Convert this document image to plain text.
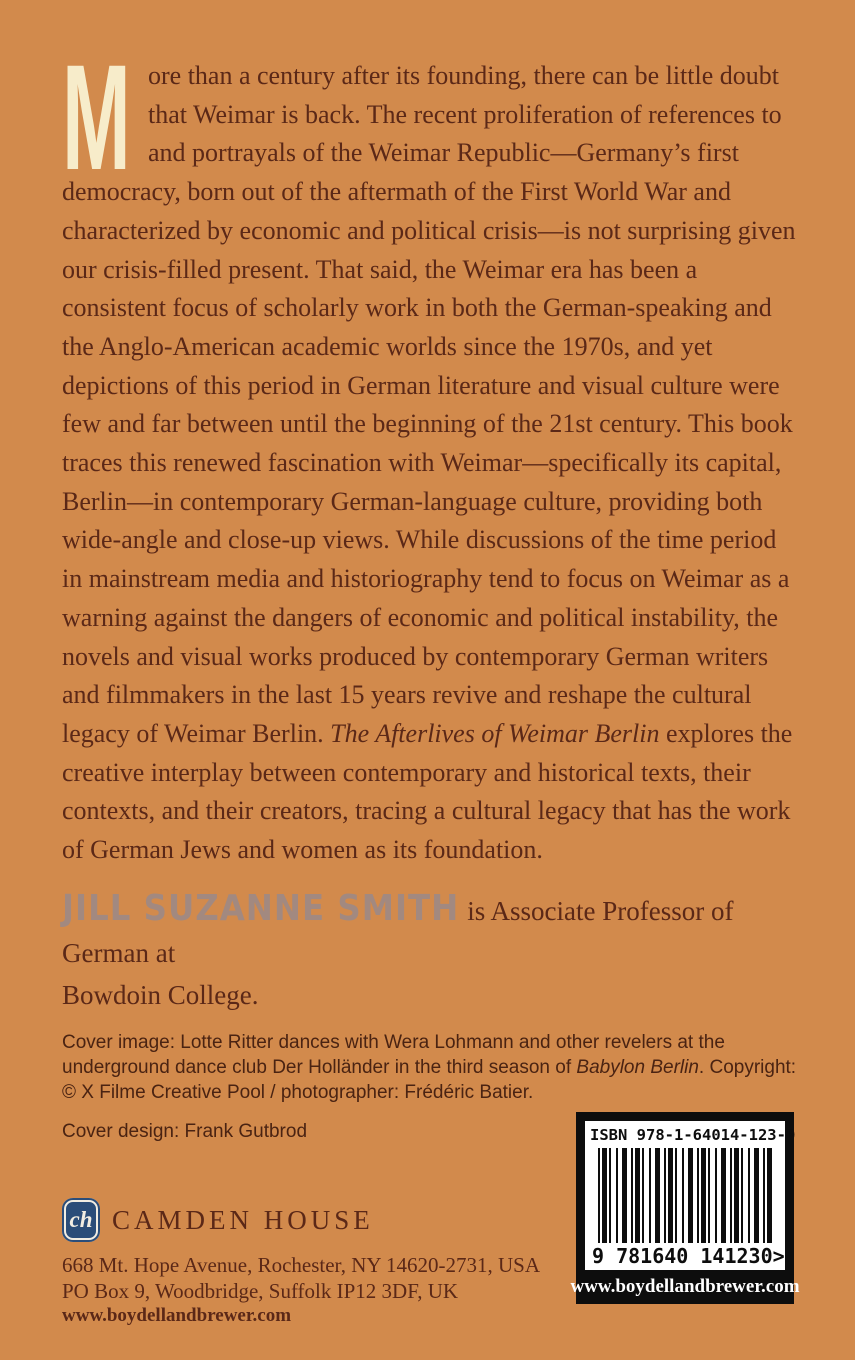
More than a century after its founding, there can be little doubt that Weimar is back. The recent proliferation of references to and portrayals of the Weimar Republic—Germany’s first democracy, born out of the aftermath of the First World War and characterized by economic and political crisis—is not surprising given our crisis-filled present. That said, the Weimar era has been a consistent focus of scholarly work in both the German-speaking and the Anglo-American academic worlds since the 1970s, and yet depictions of this period in German literature and visual culture were few and far between until the beginning of the 21st century. This book traces this renewed fascination with Weimar—specifically its capital, Berlin—in contemporary German-language culture, providing both wide-angle and close-up views. While discussions of the time period in mainstream media and historiography tend to focus on Weimar as a warning against the dangers of economic and political instability, the novels and visual works produced by contemporary German writers and filmmakers in the last 15 years revive and reshape the cultural legacy of Weimar Berlin. The Afterlives of Weimar Berlin explores the creative interplay between contemporary and historical texts, their contexts, and their creators, tracing a cultural legacy that has the work of German Jews and women as its foundation.
JILL SUZANNE SMITH is Associate Professor of German at
Bowdoin College.
Cover image: Lotte Ritter dances with Wera Lohmann and other revelers at the underground dance club Der Holländer in the third season of Babylon Berlin. Copyright: © X Filme Creative Pool / photographer: Frédéric Batier.
Cover design: Frank Gutbrod
ch CAMDEN HOUSE
668 Mt. Hope Avenue, Rochester, NY 14620-2731, USA
PO Box 9, Woodbridge, Suffolk IP12 3DF, UK
www.boydellandbrewer.com
ISBN 978-1-64014-123-0
9 781640 141230 >
www.boydellandbrewer.com
